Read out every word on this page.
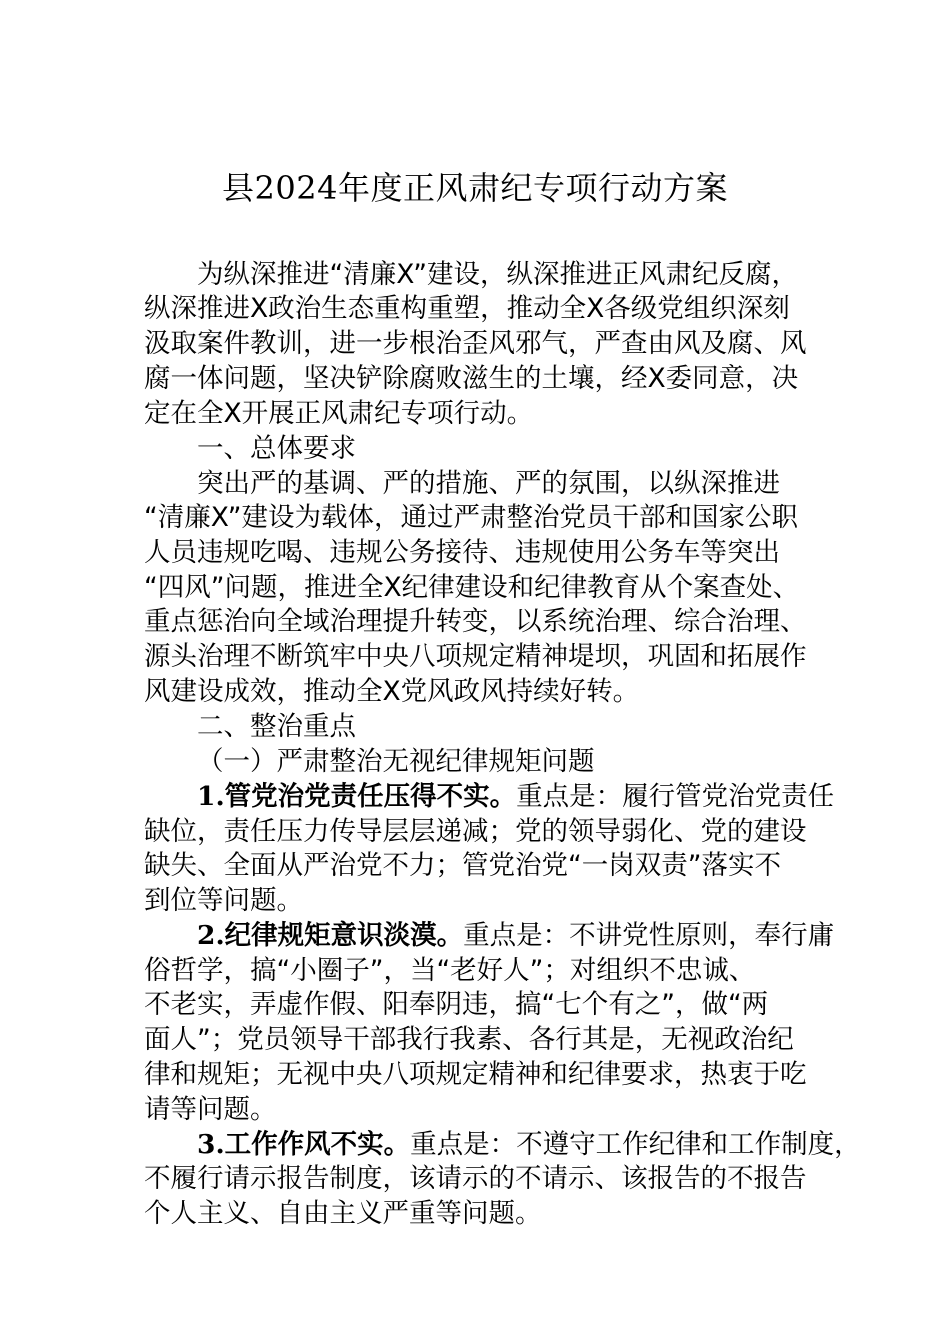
县2024年度正风肃纪专项行动方案
为纵深推进“清廉X”建设，纵深推进正风肃纪反腐，
纵深推进X政治生态重构重塑，推动全X各级党组织深刻
汲取案件教训，进一步根治歪风邪气，严查由风及腐、风
腐一体问题，坚决铲除腐败滋生的土壤，经X委同意，决
定在全X开展正风肃纪专项行动。
一、总体要求
突出严的基调、严的措施、严的氛围，以纵深推进
“清廉X”建设为载体，通过严肃整治党员干部和国家公职
人员违规吃喝、违规公务接待、违规使用公务车等突出
“四风”问题，推进全X纪律建设和纪律教育从个案查处、
重点惩治向全域治理提升转变，以系统治理、综合治理、
源头治理不断筑牢中央八项规定精神堤坝，巩固和拓展作
风建设成效，推动全X党风政风持续好转。
二、整治重点
（一）严肃整治无视纪律规矩问题
1.管党治党责任压得不实。重点是：履行管党治党责任
缺位，责任压力传导层层递减；党的领导弱化、党的建设
缺失、全面从严治党不力；管党治党“一岗双责”落实不
到位等问题。
2.纪律规矩意识淡漠。重点是：不讲党性原则，奉行庸
俗哲学，搞“小圈子”，当“老好人”；对组织不忠诚、
不老实，弄虚作假、阳奉阴违，搞“七个有之”，做“两
面人”；党员领导干部我行我素、各行其是，无视政治纪
律和规矩；无视中央八项规定精神和纪律要求，热衷于吃
请等问题。
3.工作作风不实。重点是：不遵守工作纪律和工作制度，
不履行请示报告制度，该请示的不请示、该报告的不报告
个人主义、自由主义严重等问题。
